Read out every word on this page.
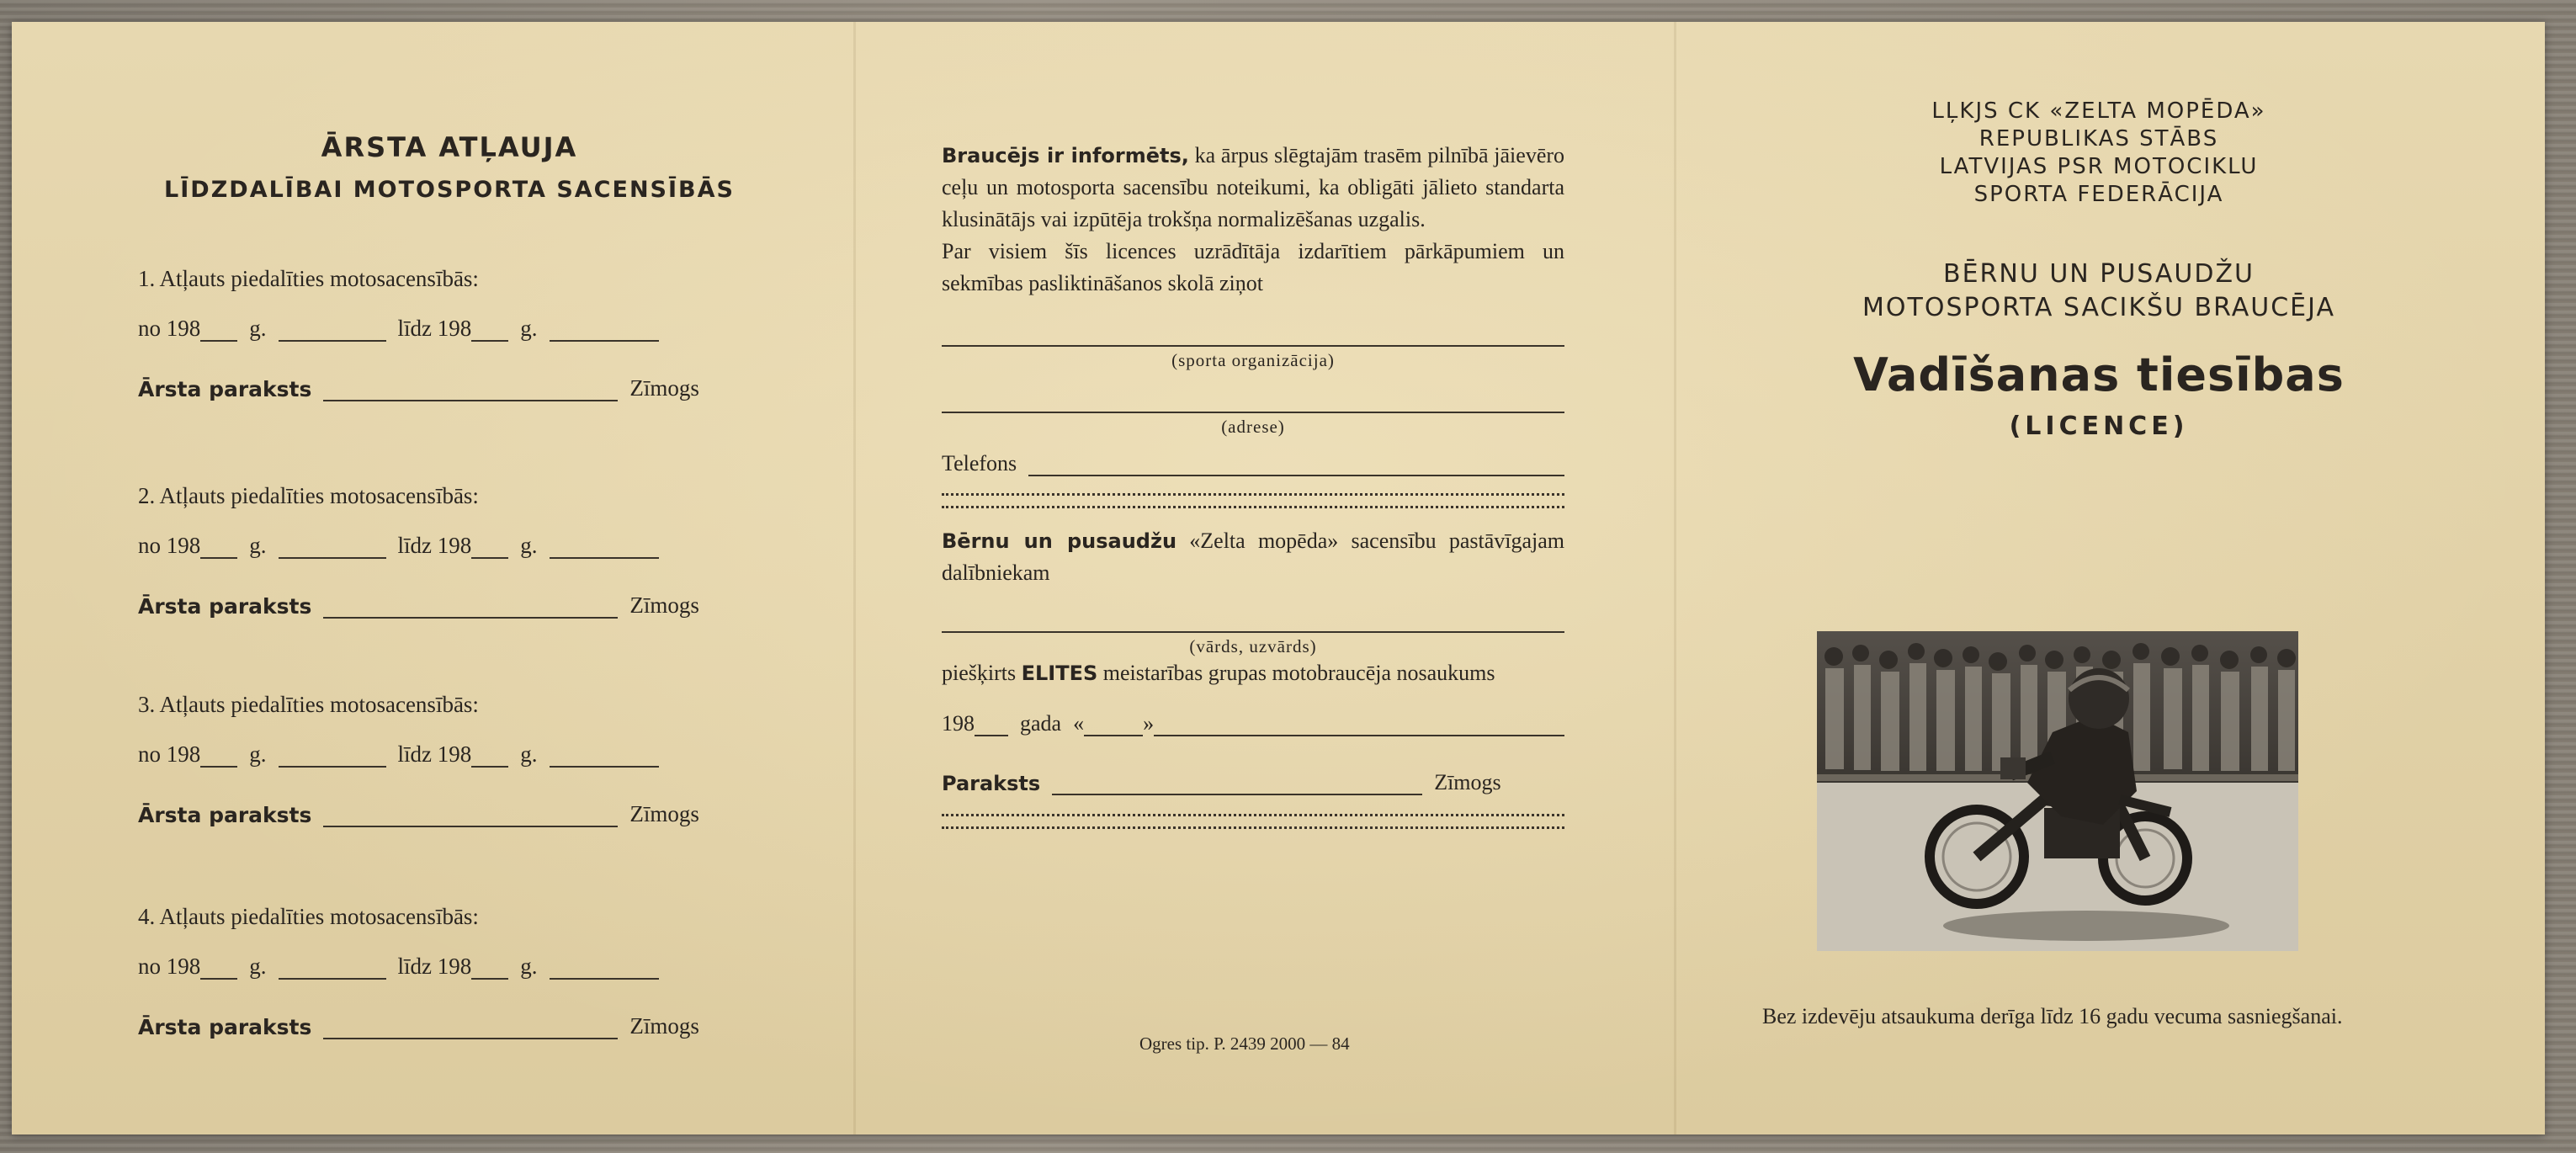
ĀRSTA ATĻAUJA
LĪDZDALĪBAI MOTOSPORTA SACENSĪBĀS
1. Atļauts piedalīties motosacensībās:
no 198 g.	līdz 198 g.
Ārsta paraksts	Zīmogs
2. Atļauts piedalīties motosacensībās:
no 198 g.	līdz 198 g.
Ārsta paraksts	Zīmogs
3. Atļauts piedalīties motosacensībās:
no 198 g.	līdz 198 g.
Ārsta paraksts	Zīmogs
4. Atļauts piedalīties motosacensībās:
no 198 g.	līdz 198 g.
Ārsta paraksts	Zīmogs

Braucējs ir informēts, ka ārpus slēgtajām trasēm pilnībā jāievēro ceļu un motosporta sacensību noteikumi, ka obligāti jālieto standarta klusinātājs vai izpūtēja trokšņa normalizēšanas uzgalis.

Par visiem šīs licences uzrādītāja izdarītiem pārkāpumiem un sekmības pasliktināšanos skolā ziņot

(sporta organizācija)
(adrese)
Telefons

Bērnu un pusaudžu «Zelta mopēda» sacensību pastāvīgajam dalībniekam

(vārds, uzvārds)

piešķirts ELITES meistarības grupas motobraucēja nosaukums

198 gada «	»
Paraksts	Zīmogs
Ogres tip. P. 2439 2000 — 84
LĻKJS CK «ZELTA MOPĒDA»
REPUBLIKAS STĀBS
LATVIJAS PSR MOTOCIKLU
SPORTA FEDERĀCIJA
BĒRNU UN PUSAUDŽU
MOTOSPORTA SACIKŠU BRAUCĒJA
Vadīšanas tiesības
(LICENCE)
Bez izdevēju atsaukuma derīga līdz 16 gadu vecuma sasniegšanai.
